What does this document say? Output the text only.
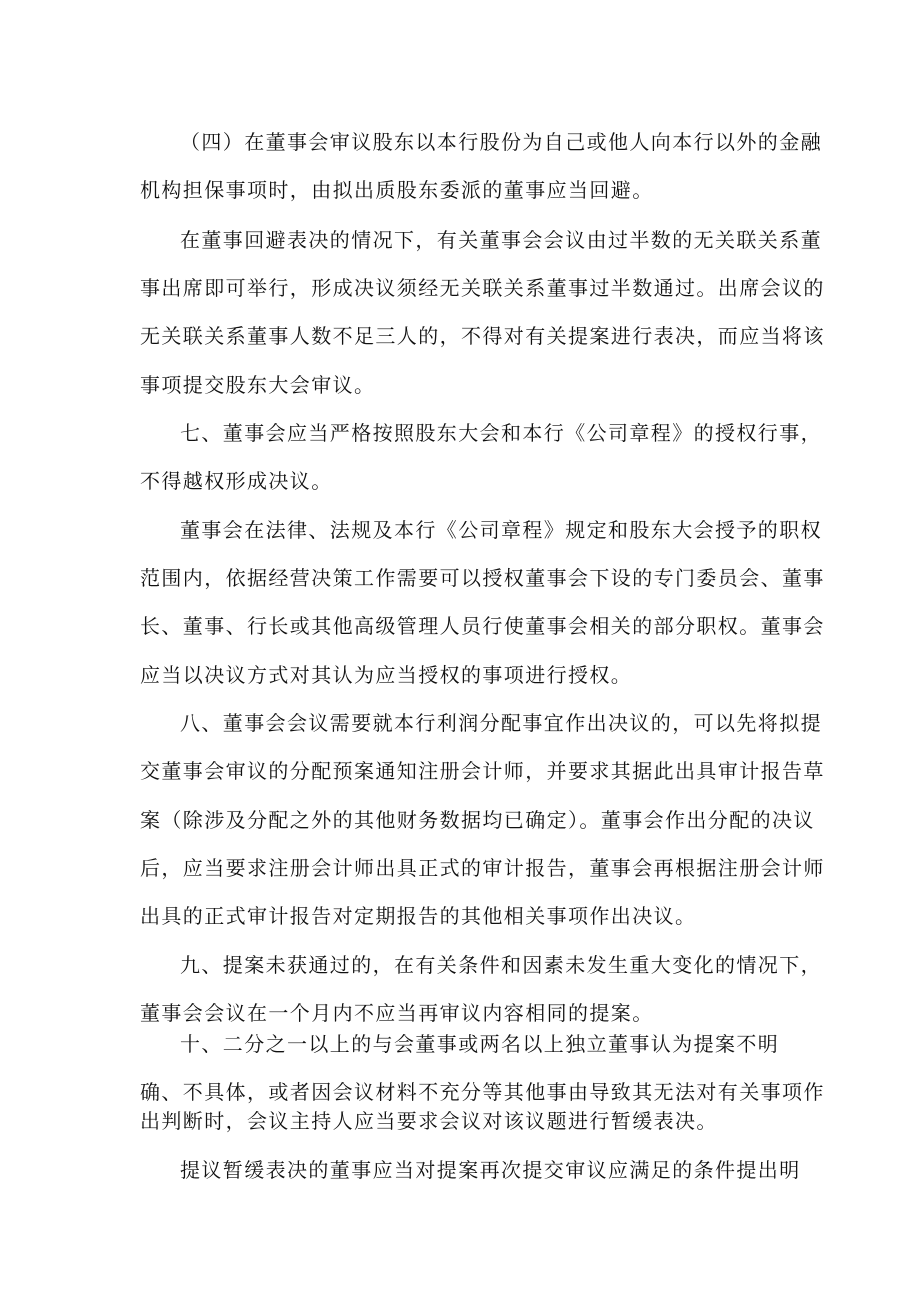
（四）在董事会审议股东以本行股份为自己或他人向本行以外的金融
机构担保事项时，由拟出质股东委派的董事应当回避。
在董事回避表决的情况下，有关董事会会议由过半数的无关联关系董
事出席即可举行，形成决议须经无关联关系董事过半数通过。出席会议的
无关联关系董事人数不足三人的，不得对有关提案进行表决，而应当将该
事项提交股东大会审议。
七、董事会应当严格按照股东大会和本行《公司章程》的授权行事，
不得越权形成决议。
董事会在法律、法规及本行《公司章程》规定和股东大会授予的职权
范围内，依据经营决策工作需要可以授权董事会下设的专门委员会、董事
长、董事、行长或其他高级管理人员行使董事会相关的部分职权。董事会
应当以决议方式对其认为应当授权的事项进行授权。
八、董事会会议需要就本行利润分配事宜作出决议的，可以先将拟提
交董事会审议的分配预案通知注册会计师，并要求其据此出具审计报告草
案（除涉及分配之外的其他财务数据均已确定）。董事会作出分配的决议
后，应当要求注册会计师出具正式的审计报告，董事会再根据注册会计师
出具的正式审计报告对定期报告的其他相关事项作出决议。
九、提案未获通过的，在有关条件和因素未发生重大变化的情况下，
董事会会议在一个月内不应当再审议内容相同的提案。
十、二分之一以上的与会董事或两名以上独立董事认为提案不明
确、不具体，或者因会议材料不充分等其他事由导致其无法对有关事项作
出判断时，会议主持人应当要求会议对该议题进行暂缓表决。
提议暂缓表决的董事应当对提案再次提交审议应满足的条件提出明
